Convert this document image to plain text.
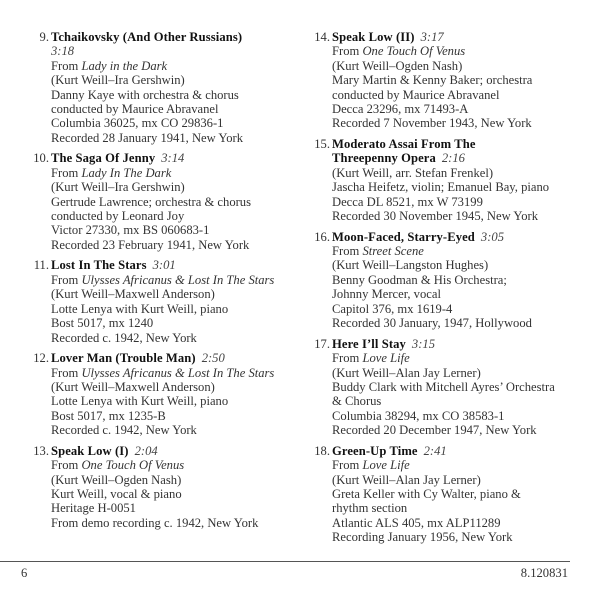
9. Tchaikovsky (And Other Russians)
3:18
From Lady in the Dark
(Kurt Weill–Ira Gershwin)
Danny Kaye with orchestra & chorus
conducted by Maurice Abravanel
Columbia 36025, mx CO 29836-1
Recorded 28 January 1941, New York
10. The Saga Of Jenny 3:14
From Lady In The Dark
(Kurt Weill–Ira Gershwin)
Gertrude Lawrence; orchestra & chorus
conducted by Leonard Joy
Victor 27330, mx BS 060683-1
Recorded 23 February 1941, New York
11. Lost In The Stars 3:01
From Ulysses Africanus & Lost In The Stars
(Kurt Weill–Maxwell Anderson)
Lotte Lenya with Kurt Weill, piano
Bost 5017, mx 1240
Recorded c. 1942, New York
12. Lover Man (Trouble Man) 2:50
From Ulysses Africanus & Lost In The Stars
(Kurt Weill–Maxwell Anderson)
Lotte Lenya with Kurt Weill, piano
Bost 5017, mx 1235-B
Recorded c. 1942, New York
13. Speak Low (I) 2:04
From One Touch Of Venus
(Kurt Weill–Ogden Nash)
Kurt Weill, vocal & piano
Heritage H-0051
From demo recording c. 1942, New York
14. Speak Low (II) 3:17
From One Touch Of Venus
(Kurt Weill–Ogden Nash)
Mary Martin & Kenny Baker; orchestra
conducted by Maurice Abravanel
Decca 23296, mx 71493-A
Recorded 7 November 1943, New York
15. Moderato Assai From The
Threepenny Opera 2:16
(Kurt Weill, arr. Stefan Frenkel)
Jascha Heifetz, violin; Emanuel Bay, piano
Decca DL 8521, mx W 73199
Recorded 30 November 1945, New York
16. Moon-Faced, Starry-Eyed 3:05
From Street Scene
(Kurt Weill–Langston Hughes)
Benny Goodman & His Orchestra;
Johnny Mercer, vocal
Capitol 376, mx 1619-4
Recorded 30 January, 1947, Hollywood
17. Here I’ll Stay 3:15
From Love Life
(Kurt Weill–Alan Jay Lerner)
Buddy Clark with Mitchell Ayres’ Orchestra
& Chorus
Columbia 38294, mx CO 38583-1
Recorded 20 December 1947, New York
18. Green-Up Time 2:41
From Love Life
(Kurt Weill–Alan Jay Lerner)
Greta Keller with Cy Walter, piano &
rhythm section
Atlantic ALS 405, mx ALP11289
Recording January 1956, New York
6	8.120831
